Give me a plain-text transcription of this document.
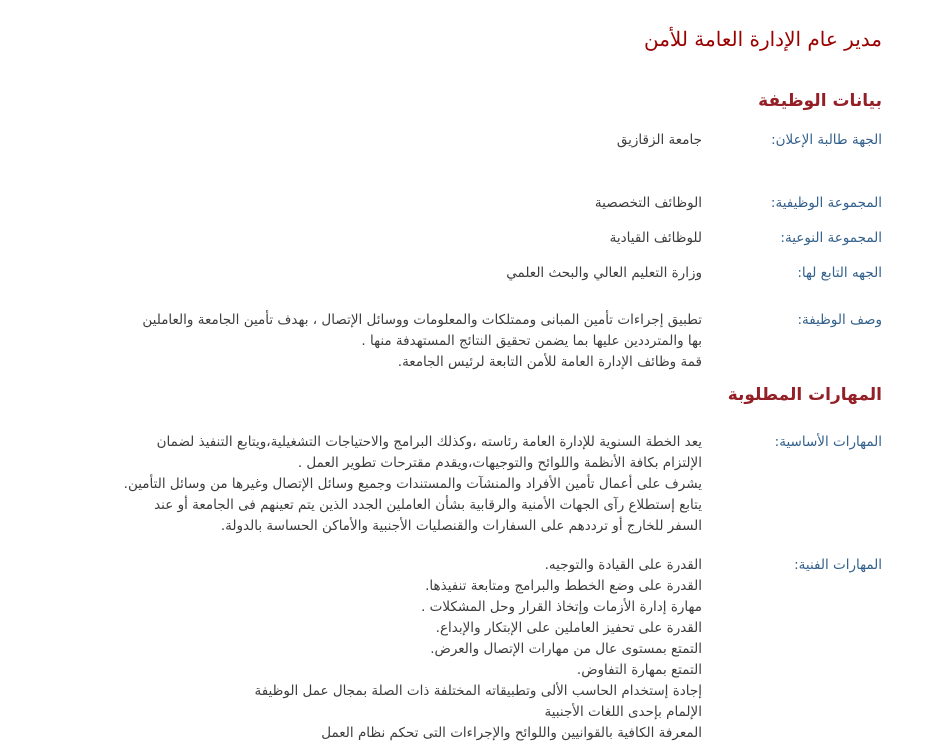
مدير عام الإدارة العامة للأمن
بيانات الوظيفة
الجهة طالبة الإعلان:
جامعة الزقازيق
المجموعة الوظيفية:
الوظائف التخصصية
المجموعة النوعية:
للوظائف القيادية
الجهه التابع لها:
وزارة التعليم العالي والبحث العلمي
وصف الوظيفة:
تطبيق إجراءات تأمين المبانى وممتلكات والمعلومات ووسائل الإتصال ، بهدف تأمين الجامعة والعاملين
بها والمترددين عليها بما يضمن تحقيق النتائج المستهدفة منها .
قمة وظائف الإدارة العامة للأمن التابعة لرئيس الجامعة.
المهارات المطلوبة
المهارات الأساسية:
يعد الخطة السنوية للإدارة العامة رئاسته ،وكذلك البرامج والاحتياجات التشغيلية،ويتابع التنفيذ لضمان
الإلتزام بكافة الأنظمة واللوائح والتوجيهات،ويقدم مقترحات تطوير العمل .
يشرف على أعمال تأمين الأفراد والمنشآت والمستندات وجميع وسائل الإتصال وغيرها من وسائل التأمين.
يتابع إستطلاع رآى الجهات الأمنية والرقابية بشأن العاملين الجدد الذين يتم تعينهم فى الجامعة أو عند
السفر للخارج أو ترددهم على السفارات والقنصليات الأجنبية والأماكن الحساسة بالدولة.
المهارات الفنية:
القدرة على القيادة والتوجيه.
القدرة على وضع الخطط والبرامج ومتابعة تنفيذها.
مهارة إدارة الأزمات وإتخاذ القرار وحل المشكلات .
القدرة على تحفيز العاملين على الإبتكار والإبداع.
التمتع بمستوى عال من مهارات الإتصال والعرض.
التمتع بمهارة التفاوض.
إجادة إستخدام الحاسب الألى وتطبيقاته المختلفة ذات الصلة بمجال عمل الوظيفة
الإلمام بإحدى اللغات الأجنبية
المعرفة الكافية بالقوانيين واللوائح والإجراءات التى تحكم نظام العمل
